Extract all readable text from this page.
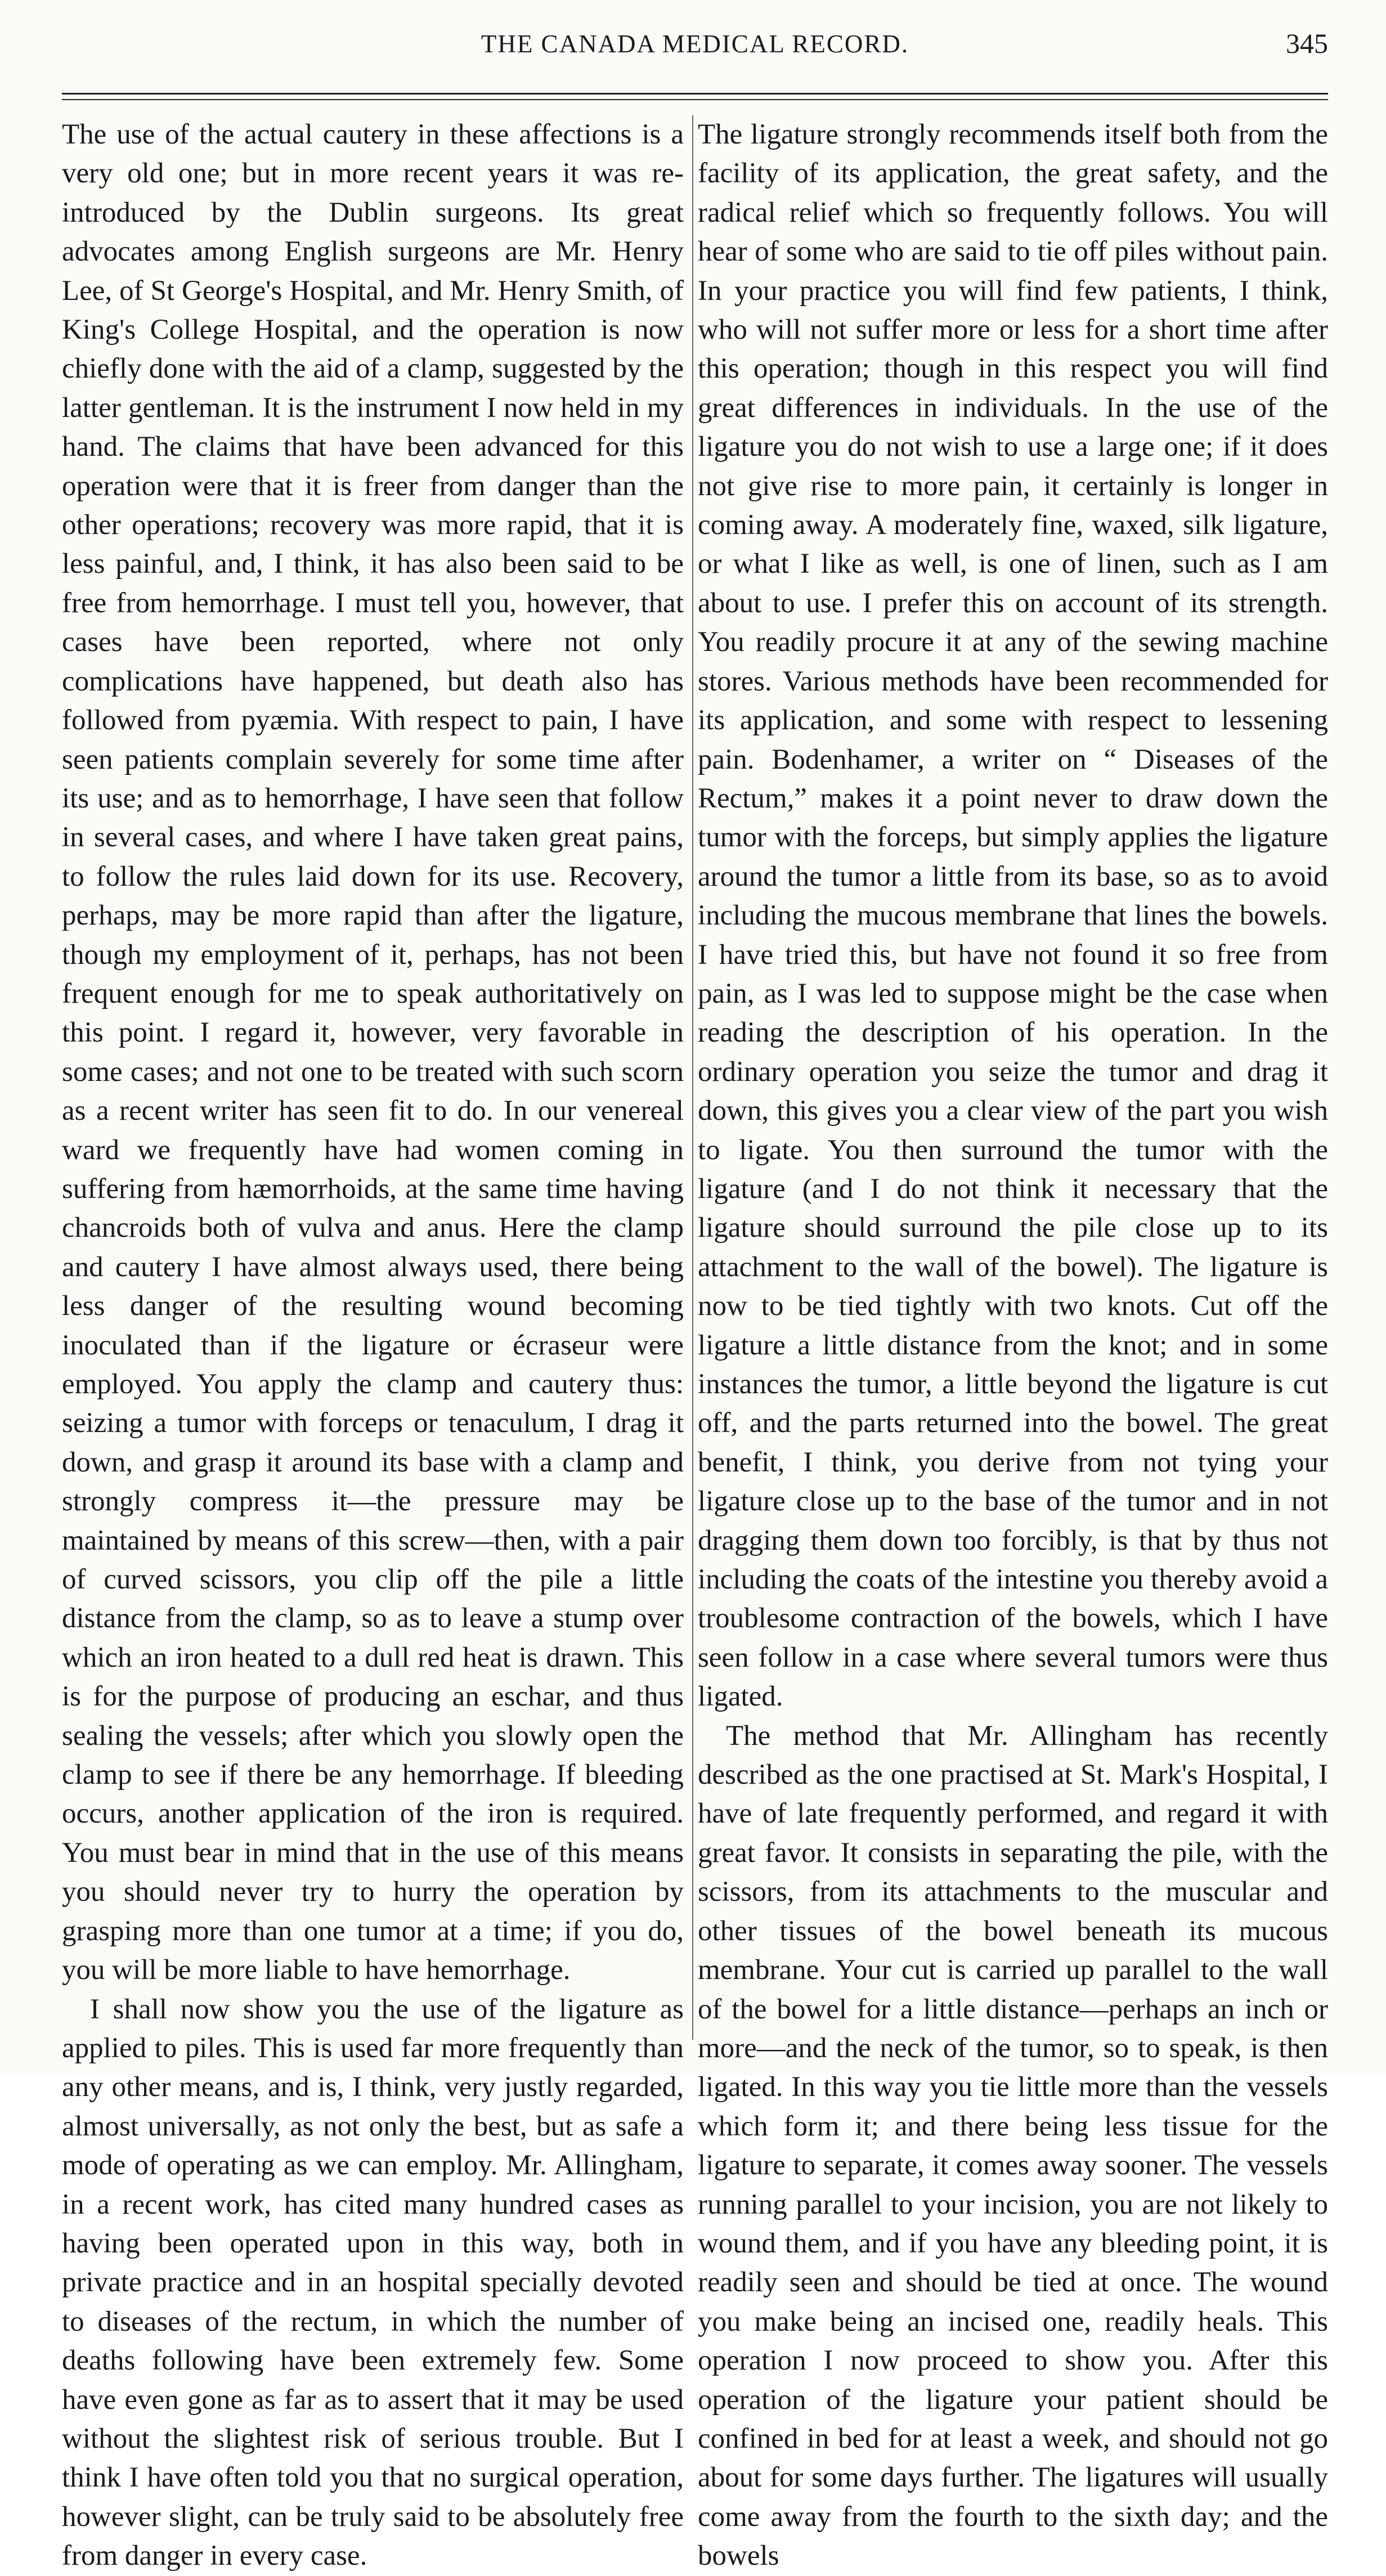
THE CANADA MEDICAL RECORD.	345

The use of the actual cautery in these affections is a very old one; but in more recent years it was re-introduced by the Dublin surgeons. Its great advocates among English surgeons are Mr. Henry Lee, of St George's Hospital, and Mr. Henry Smith, of King's College Hospital, and the operation is now chiefly done with the aid of a clamp, suggested by the latter gentleman. It is the instrument I now held in my hand. The claims that have been advanced for this operation were that it is freer from danger than the other operations; recovery was more rapid, that it is less painful, and, I think, it has also been said to be free from hemorrhage. I must tell you, however, that cases have been reported, where not only complications have happened, but death also has followed from pyæmia. With respect to pain, I have seen patients complain severely for some time after its use; and as to hemorrhage, I have seen that follow in several cases, and where I have taken great pains, to follow the rules laid down for its use. Recovery, perhaps, may be more rapid than after the ligature, though my employment of it, perhaps, has not been frequent enough for me to speak authoritatively on this point. I regard it, however, very favorable in some cases; and not one to be treated with such scorn as a recent writer has seen fit to do. In our venereal ward we frequently have had women coming in suffering from hæmorrhoids, at the same time having chancroids both of vulva and anus. Here the clamp and cautery I have almost always used, there being less danger of the resulting wound becoming inoculated than if the ligature or écraseur were employed. You apply the clamp and cautery thus: seizing a tumor with forceps or tenaculum, I drag it down, and grasp it around its base with a clamp and strongly compress it—the pressure may be maintained by means of this screw—then, with a pair of curved scissors, you clip off the pile a little distance from the clamp, so as to leave a stump over which an iron heated to a dull red heat is drawn. This is for the purpose of producing an eschar, and thus sealing the vessels; after which you slowly open the clamp to see if there be any hemorrhage. If bleeding occurs, another application of the iron is required. You must bear in mind that in the use of this means you should never try to hurry the operation by grasping more than one tumor at a time; if you do, you will be more liable to have hemorrhage.

I shall now show you the use of the ligature as applied to piles. This is used far more frequently than any other means, and is, I think, very justly regarded, almost universally, as not only the best, but as safe a mode of operating as we can employ. Mr. Allingham, in a recent work, has cited many hundred cases as having been operated upon in this way, both in private practice and in an hospital specially devoted to diseases of the rectum, in which the number of deaths following have been extremely few. Some have even gone as far as to assert that it may be used without the slightest risk of serious trouble. But I think I have often told you that no surgical operation, however slight, can be truly said to be absolutely free from danger in every case.

The ligature strongly recommends itself both from the facility of its application, the great safety, and the radical relief which so frequently follows. You will hear of some who are said to tie off piles without pain. In your practice you will find few patients, I think, who will not suffer more or less for a short time after this operation; though in this respect you will find great differences in individuals. In the use of the ligature you do not wish to use a large one; if it does not give rise to more pain, it certainly is longer in coming away. A moderately fine, waxed, silk ligature, or what I like as well, is one of linen, such as I am about to use. I prefer this on account of its strength. You readily procure it at any of the sewing machine stores. Various methods have been recommended for its application, and some with respect to lessening pain. Bodenhamer, a writer on “ Diseases of the Rectum,” makes it a point never to draw down the tumor with the forceps, but simply applies the ligature around the tumor a little from its base, so as to avoid including the mucous membrane that lines the bowels. I have tried this, but have not found it so free from pain, as I was led to suppose might be the case when reading the description of his operation. In the ordinary operation you seize the tumor and drag it down, this gives you a clear view of the part you wish to ligate. You then surround the tumor with the ligature (and I do not think it necessary that the ligature should surround the pile close up to its attachment to the wall of the bowel). The ligature is now to be tied tightly with two knots. Cut off the ligature a little distance from the knot; and in some instances the tumor, a little beyond the ligature is cut off, and the parts returned into the bowel. The great benefit, I think, you derive from not tying your ligature close up to the base of the tumor and in not dragging them down too forcibly, is that by thus not including the coats of the intestine you thereby avoid a troublesome contraction of the bowels, which I have seen follow in a case where several tumors were thus ligated.

The method that Mr. Allingham has recently described as the one practised at St. Mark's Hospital, I have of late frequently performed, and regard it with great favor. It consists in separating the pile, with the scissors, from its attachments to the muscular and other tissues of the bowel beneath its mucous membrane. Your cut is carried up parallel to the wall of the bowel for a little distance—perhaps an inch or more—and the neck of the tumor, so to speak, is then ligated. In this way you tie little more than the vessels which form it; and there being less tissue for the ligature to separate, it comes away sooner. The vessels running parallel to your incision, you are not likely to wound them, and if you have any bleeding point, it is readily seen and should be tied at once. The wound you make being an incised one, readily heals. This operation I now proceed to show you. After this operation of the ligature your patient should be confined in bed for at least a week, and should not go about for some days further. The ligatures will usually come away from the fourth to the sixth day; and the bowels
